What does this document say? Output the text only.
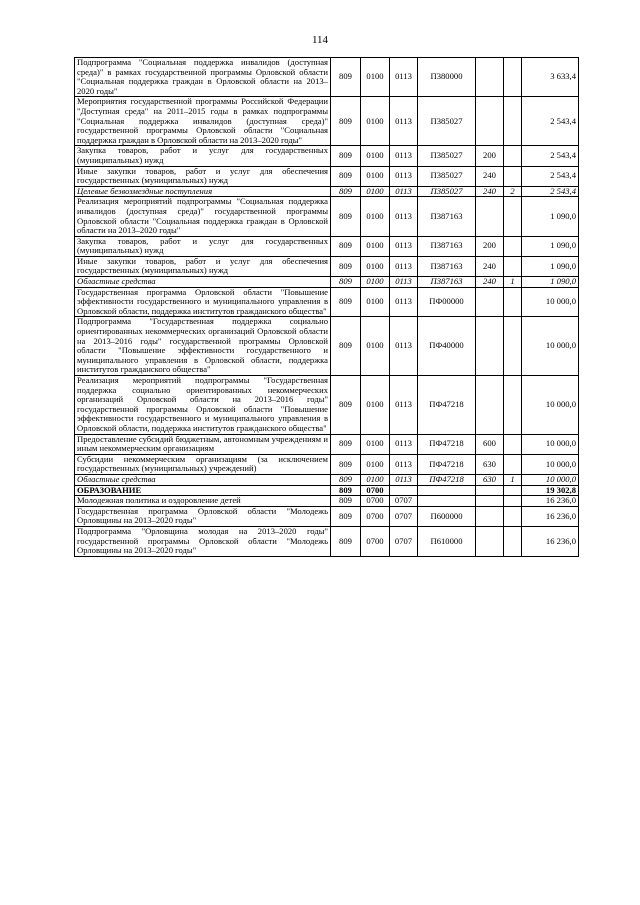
114
Подпрограмма "Социальная поддержка инвалидов (доступная среда)" в рамках государственной программы Орловской области "Социальная поддержка граждан в Орловской области на 2013–2020 годы"	809	0100	0113	П380000			3 633,4
Мероприятия государственной программы Российской Федерации "Доступная среда" на 2011–2015 годы в рамках подпрограммы "Социальная поддержка инвалидов (доступная среда)" государственной программы Орловской области "Социальная поддержка граждан в Орловской области на 2013–2020 годы"	809	0100	0113	П385027			2 543,4
Закупка товаров, работ и услуг для государственных (муниципальных) нужд	809	0100	0113	П385027	200		2 543,4
Иные закупки товаров, работ и услуг для обеспечения государственных (муниципальных) нужд	809	0100	0113	П385027	240		2 543,4
Целевые безвозмездные поступления	809	0100	0113	П385027	240	2	2 543,4
Реализация мероприятий подпрограммы "Социальная поддержка инвалидов (доступная среда)" государственной программы Орловской области "Социальная поддержка граждан в Орловской области на 2013–2020 годы"	809	0100	0113	П387163			1 090,0
Закупка товаров, работ и услуг для государственных (муниципальных) нужд	809	0100	0113	П387163	200		1 090,0
Иные закупки товаров, работ и услуг для обеспечения государственных (муниципальных) нужд	809	0100	0113	П387163	240		1 090,0
Областные средства	809	0100	0113	П387163	240	1	1 090,0
Государственная программа Орловской области "Повышение эффективности государственного и муниципального управления в Орловской области, поддержка институтов гражданского общества"	809	0100	0113	ПФ00000			10 000,0
Подпрограмма "Государственная поддержка социально ориентированных некоммерческих организаций Орловской области на 2013–2016 годы" государственной программы Орловской области "Повышение эффективности государственного и муниципального управления в Орловской области, поддержка институтов гражданского общества"	809	0100	0113	ПФ40000			10 000,0
Реализация мероприятий подпрограммы "Государственная поддержка социально ориентированных некоммерческих организаций Орловской области на 2013–2016 годы" государственной программы Орловской области "Повышение эффективности государственного и муниципального управления в Орловской области, поддержка институтов гражданского общества"	809	0100	0113	ПФ47218			10 000,0
Предоставление субсидий бюджетным, автономным учреждениям и иным некоммерческим организациям	809	0100	0113	ПФ47218	600		10 000,0
Субсидии некоммерческим организациям (за исключением государственных (муниципальных) учреждений)	809	0100	0113	ПФ47218	630		10 000,0
Областные средства	809	0100	0113	ПФ47218	630	1	10 000,0
ОБРАЗОВАНИЕ	809	0700					19 302,8
Молодежная политика и оздоровление детей	809	0700	0707				16 236,0
Государственная программа Орловской области "Молодежь Орловщины на 2013–2020 годы"	809	0700	0707	П600000			16 236,0
Подпрограмма "Орловщина молодая на 2013–2020 годы" государственной программы Орловской области "Молодежь Орловщины на 2013–2020 годы"	809	0700	0707	П610000			16 236,0
